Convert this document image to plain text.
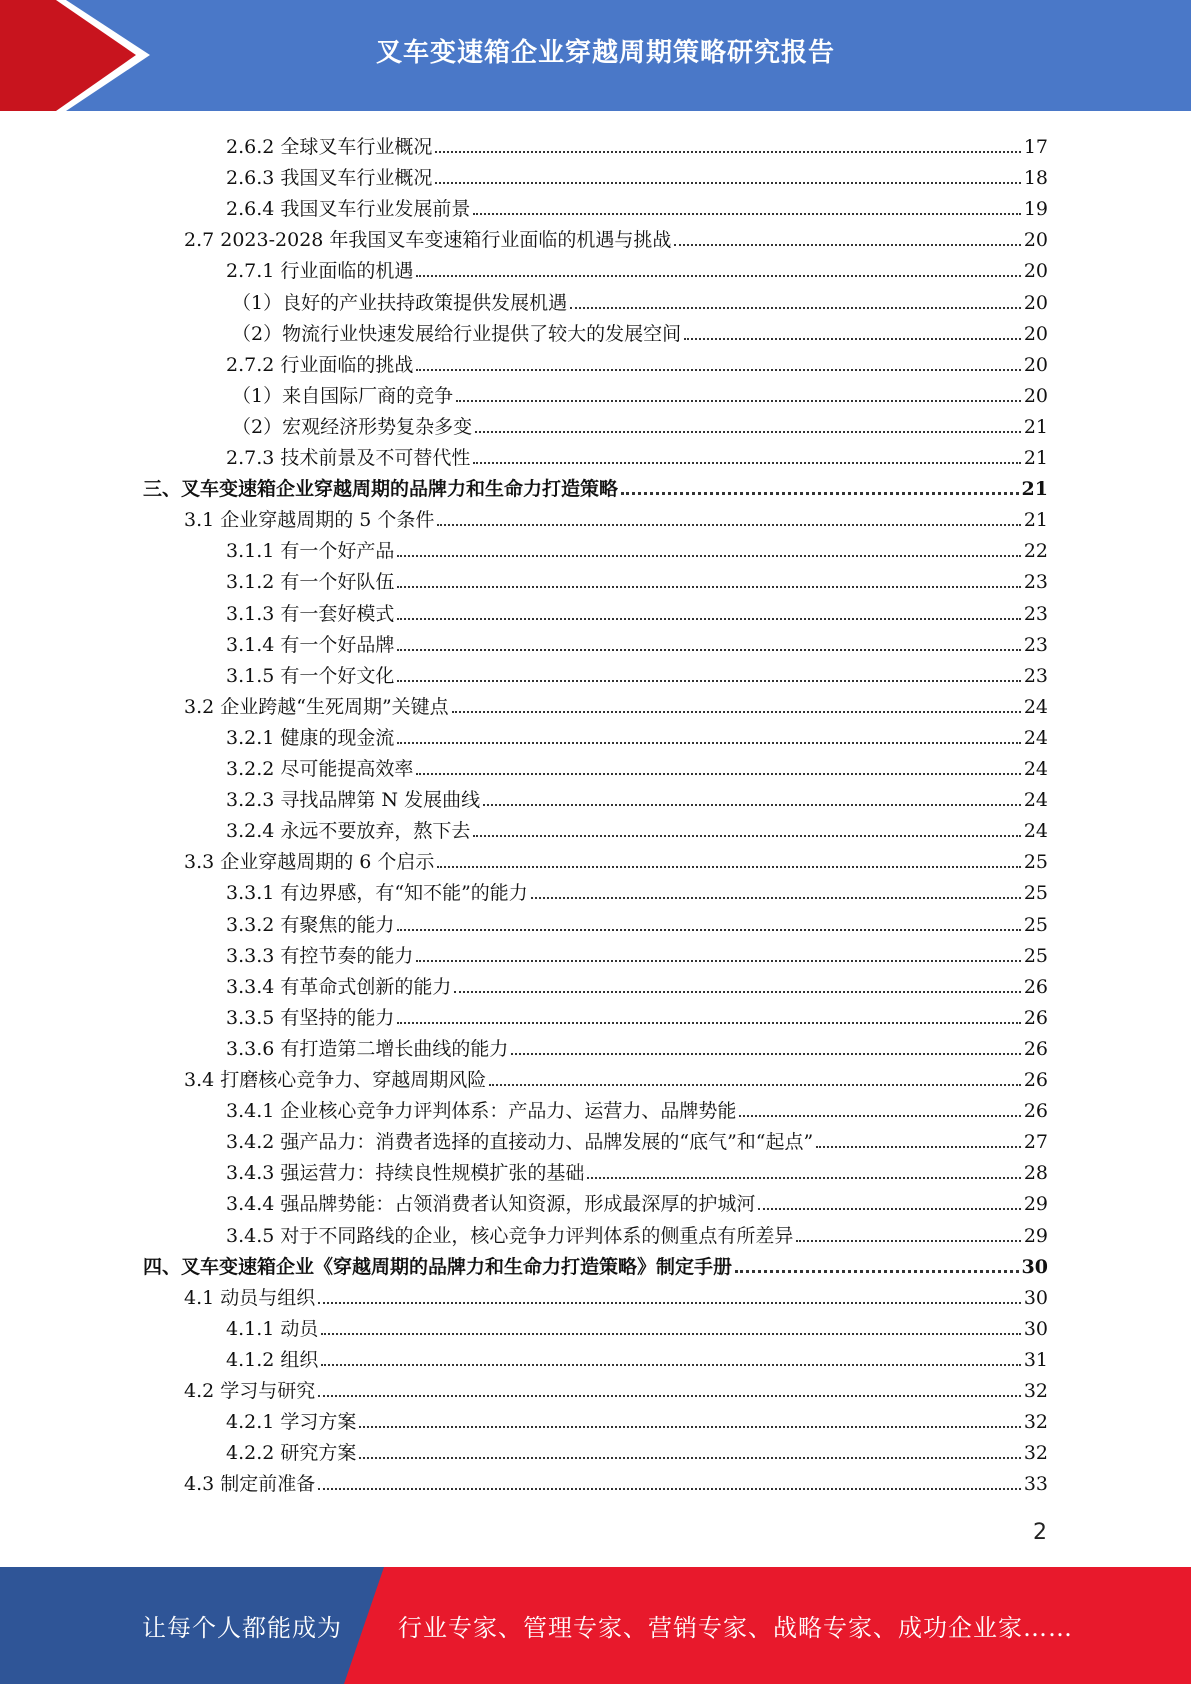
叉车变速箱企业穿越周期策略研究报告
2.6.2 全球叉车行业概况	17
2.6.3 我国叉车行业概况	18
2.6.4 我国叉车行业发展前景	19
2.7 2023-2028 年我国叉车变速箱行业面临的机遇与挑战	20
2.7.1 行业面临的机遇	20
（1）良好的产业扶持政策提供发展机遇	20
（2）物流行业快速发展给行业提供了较大的发展空间	20
2.7.2 行业面临的挑战	20
（1）来自国际厂商的竞争	20
（2）宏观经济形势复杂多变	21
2.7.3 技术前景及不可替代性	21
三、叉车变速箱企业穿越周期的品牌力和生命力打造策略	21
3.1 企业穿越周期的 5 个条件	21
3.1.1 有一个好产品	22
3.1.2 有一个好队伍	23
3.1.3 有一套好模式	23
3.1.4 有一个好品牌	23
3.1.5 有一个好文化	23
3.2 企业跨越“生死周期”关键点	24
3.2.1 健康的现金流	24
3.2.2 尽可能提高效率	24
3.2.3 寻找品牌第 N 发展曲线	24
3.2.4 永远不要放弃，熬下去	24
3.3 企业穿越周期的 6 个启示	25
3.3.1 有边界感，有“知不能”的能力	25
3.3.2 有聚焦的能力	25
3.3.3 有控节奏的能力	25
3.3.4 有革命式创新的能力	26
3.3.5 有坚持的能力	26
3.3.6 有打造第二增长曲线的能力	26
3.4 打磨核心竞争力、穿越周期风险	26
3.4.1 企业核心竞争力评判体系：产品力、运营力、品牌势能	26
3.4.2 强产品力：消费者选择的直接动力、品牌发展的“底气”和“起点”	27
3.4.3 强运营力：持续良性规模扩张的基础	28
3.4.4 强品牌势能：占领消费者认知资源，形成最深厚的护城河	29
3.4.5 对于不同路线的企业，核心竞争力评判体系的侧重点有所差异	29
四、叉车变速箱企业《穿越周期的品牌力和生命力打造策略》制定手册	30
4.1 动员与组织	30
4.1.1 动员	30
4.1.2 组织	31
4.2 学习与研究	32
4.2.1 学习方案	32
4.2.2 研究方案	32
4.3 制定前准备	33
2
让每个人都能成为 行业专家、管理专家、营销专家、战略专家、成功企业家……
